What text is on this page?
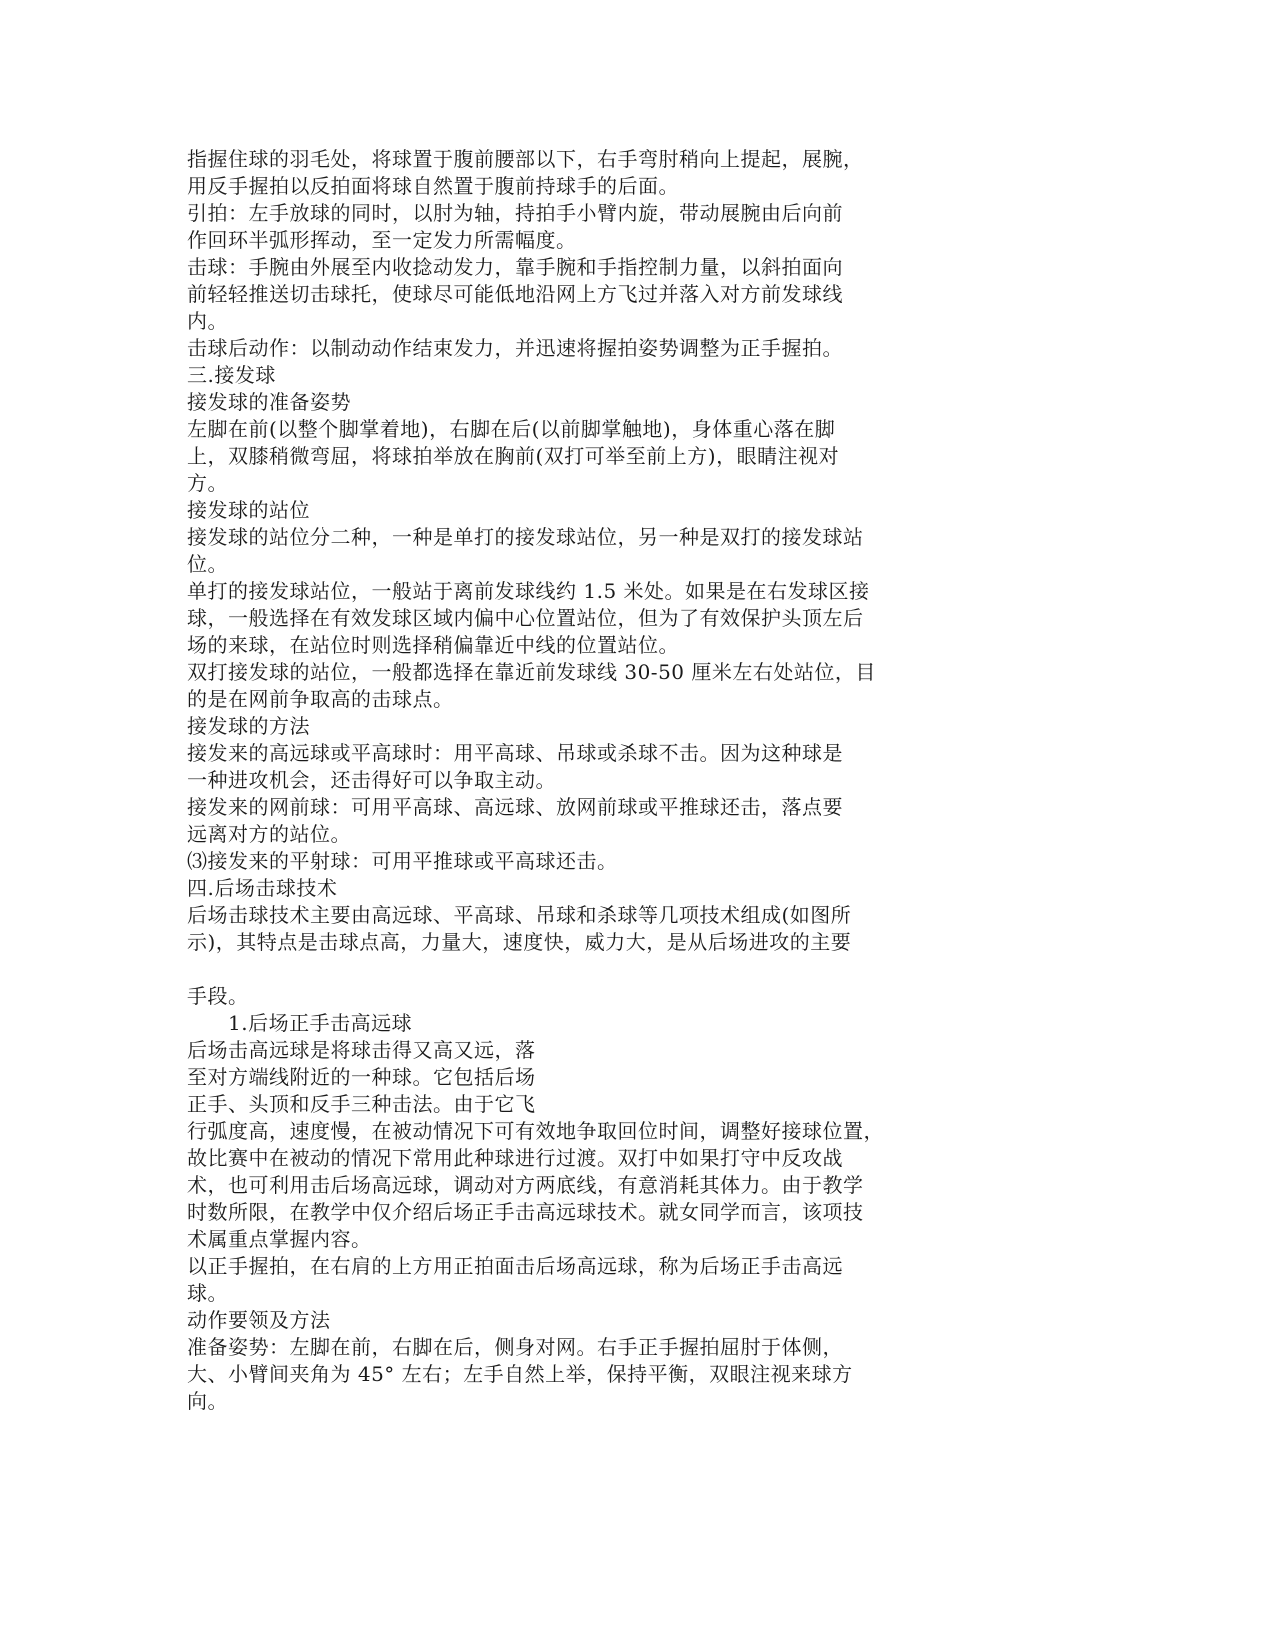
指握住球的羽毛处，将球置于腹前腰部以下，右手弯肘稍向上提起，展腕，
用反手握拍以反拍面将球自然置于腹前持球手的后面。
引拍：左手放球的同时，以肘为轴，持拍手小臂内旋，带动展腕由后向前
作回环半弧形挥动，至一定发力所需幅度。
击球：手腕由外展至内收捻动发力，靠手腕和手指控制力量，以斜拍面向
前轻轻推送切击球托，使球尽可能低地沿网上方飞过并落入对方前发球线
内。
击球后动作：以制动动作结束发力，并迅速将握拍姿势调整为正手握拍。
三.接发球
接发球的准备姿势
左脚在前(以整个脚掌着地)，右脚在后(以前脚掌触地)，身体重心落在脚
上，双膝稍微弯屈，将球拍举放在胸前(双打可举至前上方)，眼睛注视对
方。
接发球的站位
接发球的站位分二种，一种是单打的接发球站位，另一种是双打的接发球站
位。
单打的接发球站位，一般站于离前发球线约 1.5 米处。如果是在右发球区接
球，一般选择在有效发球区域内偏中心位置站位，但为了有效保护头顶左后
场的来球，在站位时则选择稍偏靠近中线的位置站位。
双打接发球的站位，一般都选择在靠近前发球线 30-50 厘米左右处站位，目
的是在网前争取高的击球点。
接发球的方法
接发来的高远球或平高球时：用平高球、吊球或杀球不击。因为这种球是
一种进攻机会，还击得好可以争取主动。
接发来的网前球：可用平高球、高远球、放网前球或平推球还击，落点要
远离对方的站位。
⑶接发来的平射球：可用平推球或平高球还击。
四.后场击球技术
后场击球技术主要由高远球、平高球、吊球和杀球等几项技术组成(如图所
示)，其特点是击球点高，力量大，速度快，威力大，是从后场进攻的主要
手段。
1.后场正手击高远球
后场击高远球是将球击得又高又远，落
至对方端线附近的一种球。它包括后场
正手、头顶和反手三种击法。由于它飞
行弧度高，速度慢，在被动情况下可有效地争取回位时间，调整好接球位置，
故比赛中在被动的情况下常用此种球进行过渡。双打中如果打守中反攻战
术，也可利用击后场高远球，调动对方两底线，有意消耗其体力。由于教学
时数所限，在教学中仅介绍后场正手击高远球技术。就女同学而言，该项技
术属重点掌握内容。
以正手握拍，在右肩的上方用正拍面击后场高远球，称为后场正手击高远
球。
动作要领及方法
准备姿势：左脚在前，右脚在后，侧身对网。右手正手握拍屈肘于体侧，
大、小臂间夹角为 45° 左右；左手自然上举，保持平衡，双眼注视来球方
向。
